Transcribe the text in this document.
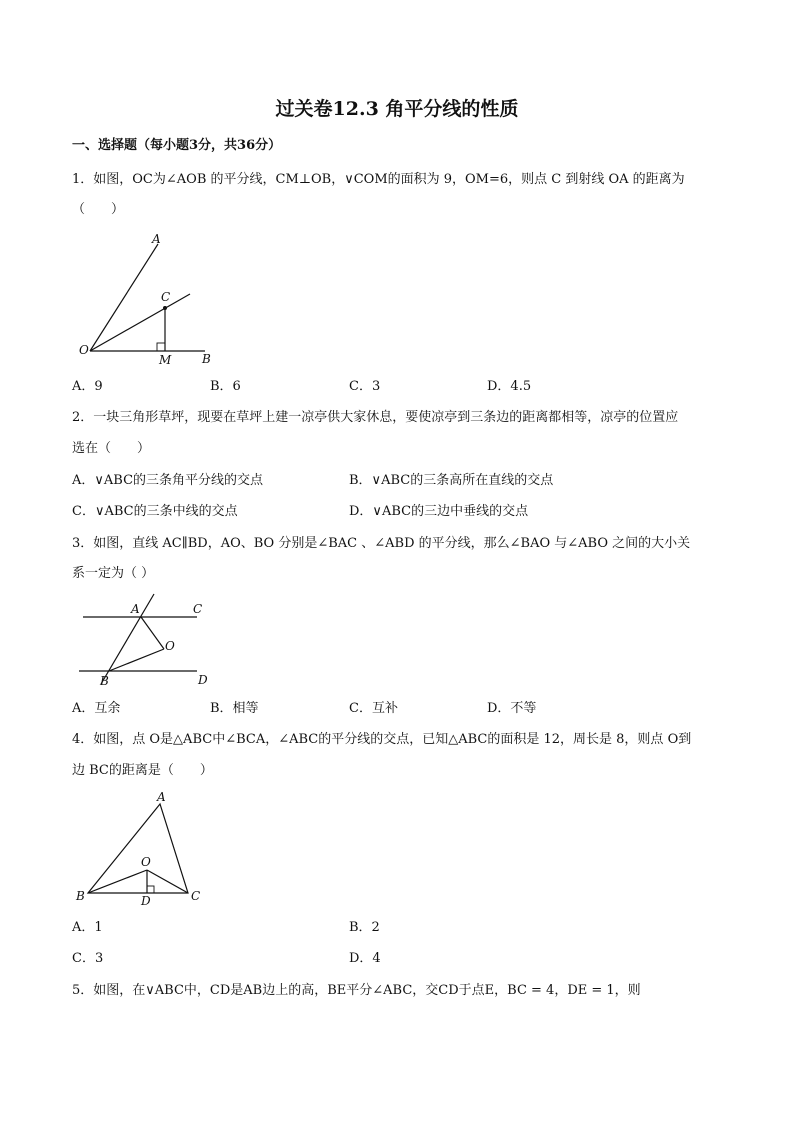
过关卷12.3 角平分线的性质
一、选择题（每小题3分，共36分）
1．如图，OC为∠AOB 的平分线，CM⊥OB，∨COM的面积为 9，OM=6，则点 C 到射线 OA 的距离为
（　　）
A
C
O
M	B
A．9	B．6	C．3	D．4.5
2．一块三角形草坪，现要在草坪上建一凉亭供大家休息，要使凉亭到三条边的距离都相等，凉亭的位置应
选在（　　）
A．∨ABC的三条角平分线的交点	B．∨ABC的三条高所在直线的交点
C．∨ABC的三条中线的交点	D．∨ABC的三边中垂线的交点
3．如图，直线 AC∥BD，AO、BO 分别是∠BAC 、∠ABD 的平分线，那么∠BAO 与∠ABO 之间的大小关
系一定为（ ）
A	C
O
B	D
A．互余	B．相等	C．互补	D．不等
4．如图，点 O是△ABC中∠BCA，∠ABC的平分线的交点，已知△ABC的面积是 12，周长是 8，则点 O到
边 BC的距离是（　　）
A
O
B	D	C
A．1	B．2
C．3	D．4
5．如图，在∨ABC中，CD是AB边上的高，BE平分∠ABC，交CD于点E，BC = 4，DE = 1，则
